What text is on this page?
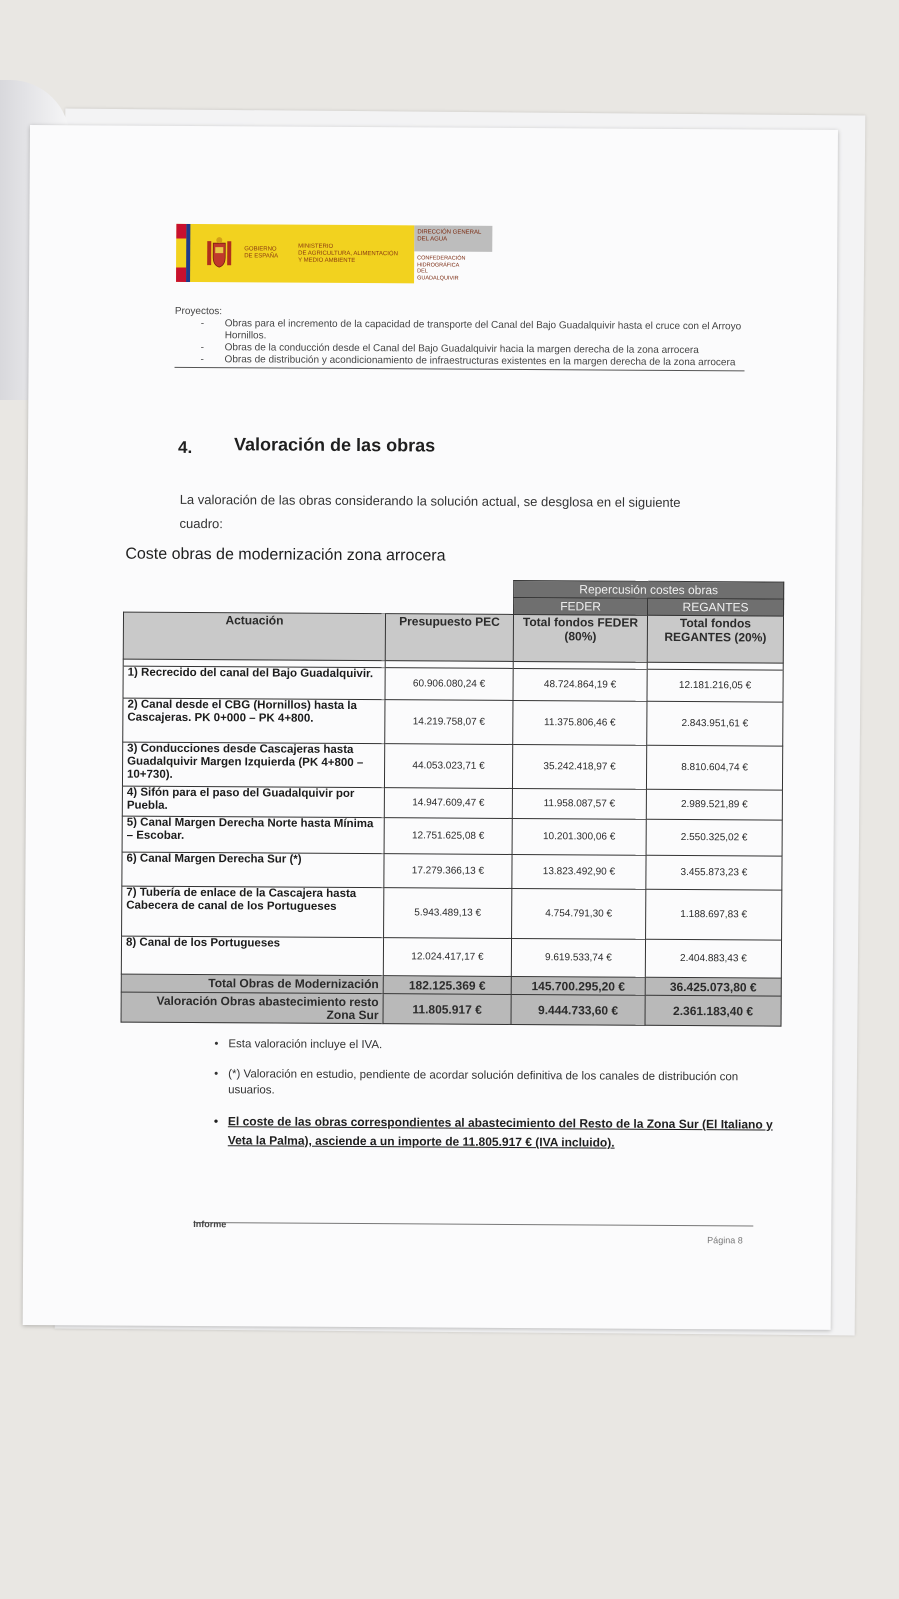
GOBIERNO
DE ESPAÑA
MINISTERIO
DE AGRICULTURA, ALIMENTACIÓN
Y MEDIO AMBIENTE
DIRECCIÓN GENERAL
DEL AGUA
CONFEDERACIÓN
HIDROGRÁFICA
DEL GUADALQUIVIR
Proyectos:
- Obras para el incremento de la capacidad de transporte del Canal del Bajo Guadalquivir hasta el cruce con el Arroyo Hornillos.
- Obras de la conducción desde el Canal del Bajo Guadalquivir hacia la margen derecha de la zona arrocera
- Obras de distribución y acondicionamiento de infraestructuras existentes en la margen derecha de la zona arrocera
4. Valoración de las obras
La valoración de las obras considerando la solución actual, se desglosa en el siguiente cuadro:
Coste obras de modernización zona arrocera
		Repercusión costes obras	
		FEDER	REGANTES
Actuación	Presupuesto PEC	Total fondos FEDER (80%)	Total fondos REGANTES (20%)

1) Recrecido del canal del Bajo Guadalquivir.	60.906.080,24 €	48.724.864,19 €	12.181.216,05 €
2) Canal desde el CBG (Hornillos) hasta la Cascajeras. PK 0+000 – PK 4+800.	14.219.758,07 €	11.375.806,46 €	2.843.951,61 €
3) Conducciones desde Cascajeras hasta Guadalquivir Margen Izquierda (PK 4+800 – 10+730).	44.053.023,71 €	35.242.418,97 €	8.810.604,74 €
4) Sifón para el paso del Guadalquivir por Puebla.	14.947.609,47 €	11.958.087,57 €	2.989.521,89 €
5) Canal Margen Derecha Norte hasta Mínima – Escobar.	12.751.625,08 €	10.201.300,06 €	2.550.325,02 €
6) Canal Margen Derecha Sur (*)	17.279.366,13 €	13.823.492,90 €	3.455.873,23 €
7) Tubería de enlace de la Cascajera hasta Cabecera de canal de los Portugueses	5.943.489,13 €	4.754.791,30 €	1.188.697,83 €
8) Canal de los Portugueses	12.024.417,17 €	9.619.533,74 €	2.404.883,43 €
Total Obras de Modernización	182.125.369 €	145.700.295,20 €	36.425.073,80 €
Valoración Obras abastecimiento resto Zona Sur	11.805.917 €	9.444.733,60 €	2.361.183,40 €
• Esta valoración incluye el IVA.
• (*) Valoración en estudio, pendiente de acordar solución definitiva de los canales de distribución con usuarios.
• El coste de las obras correspondientes al abastecimiento del Resto de la Zona Sur (El Italiano y Veta la Palma), asciende a un importe de 11.805.917 € (IVA incluido).
Informe
Página 8
